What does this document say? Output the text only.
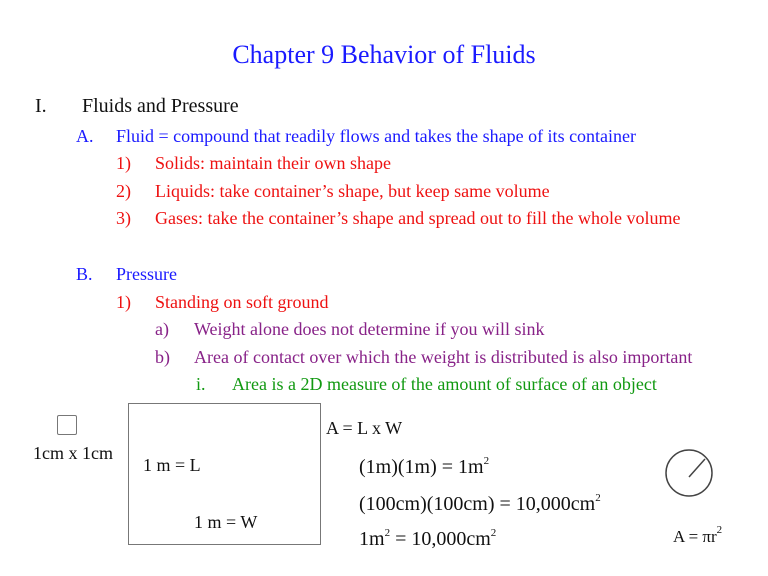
Chapter 9 Behavior of Fluids
I. Fluids and Pressure
A. Fluid = compound that readily flows and takes the shape of its container
1) Solids: maintain their own shape
2) Liquids: take container’s shape, but keep same volume
3) Gases: take the container’s shape and spread out to fill the whole volume
B. Pressure
1) Standing on soft ground
a) Weight alone does not determine if you will sink
b) Area of contact over which the weight is distributed is also important
i. Area is a 2D measure of the amount of surface of an object
1cm x 1cm
1 m = L
1 m = W
A = L x W
$(1m)(1m) = 1m^2$
$(100cm)(100cm) = 10,000cm^2$
$1m^2 = 10,000cm^2$	$A = \pi r^2$
